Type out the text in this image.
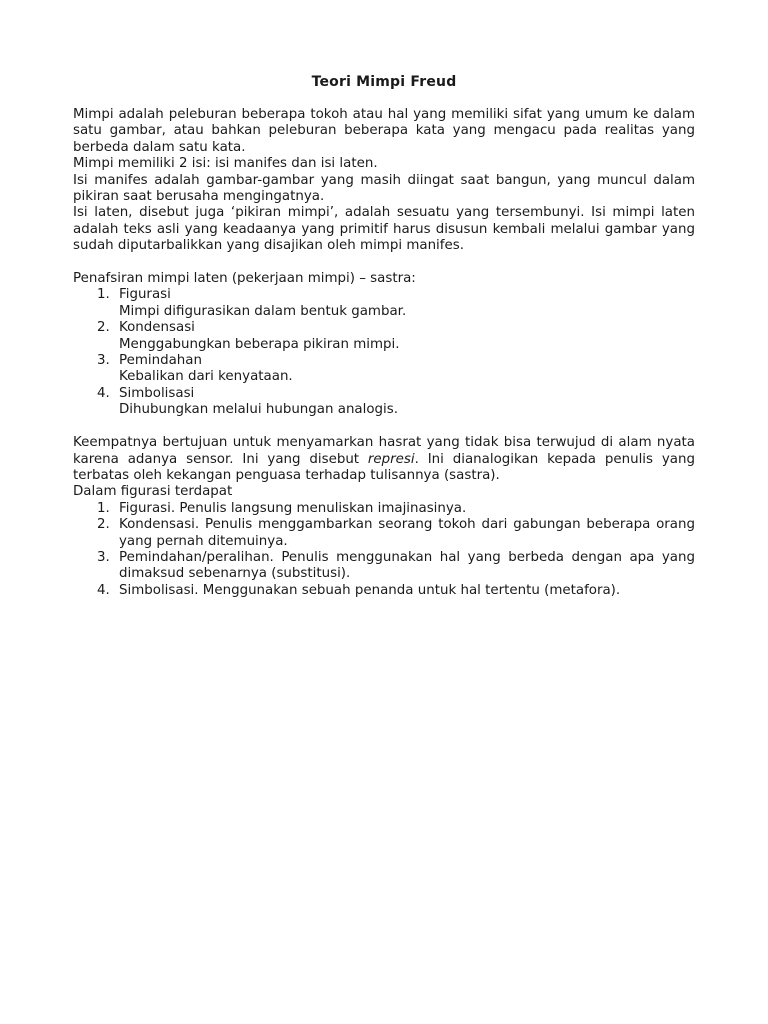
Teori Mimpi Freud

Mimpi adalah peleburan beberapa tokoh atau hal yang memiliki sifat yang umum ke dalam satu gambar, atau bahkan peleburan beberapa kata yang mengacu pada realitas yang berbeda dalam satu kata.

Mimpi memiliki 2 isi: isi manifes dan isi laten.

Isi manifes adalah gambar-gambar yang masih diingat saat bangun, yang muncul dalam pikiran saat berusaha mengingatnya.

Isi laten, disebut juga ‘pikiran mimpi’, adalah sesuatu yang tersembunyi. Isi mimpi laten adalah teks asli yang keadaanya yang primitif harus disusun kembali melalui gambar yang sudah diputarbalikkan yang disajikan oleh mimpi manifes.

Penafsiran mimpi laten (pekerjaan mimpi) – sastra:

1. Figurasi
Mimpi difigurasikan dalam bentuk gambar.
2. Kondensasi
Menggabungkan beberapa pikiran mimpi.
3. Pemindahan
Kebalikan dari kenyataan.
4. Simbolisasi
Dihubungkan melalui hubungan analogis.

Keempatnya bertujuan untuk menyamarkan hasrat yang tidak bisa terwujud di alam nyata karena adanya sensor. Ini yang disebut represi. Ini dianalogikan kepada penulis yang terbatas oleh kekangan penguasa terhadap tulisannya (sastra).

Dalam figurasi terdapat

1. Figurasi. Penulis langsung menuliskan imajinasinya.
2. Kondensasi. Penulis menggambarkan seorang tokoh dari gabungan beberapa orang yang pernah ditemuinya.
3. Pemindahan/peralihan. Penulis menggunakan hal yang berbeda dengan apa yang dimaksud sebenarnya (substitusi).
4. Simbolisasi. Menggunakan sebuah penanda untuk hal tertentu (metafora).
